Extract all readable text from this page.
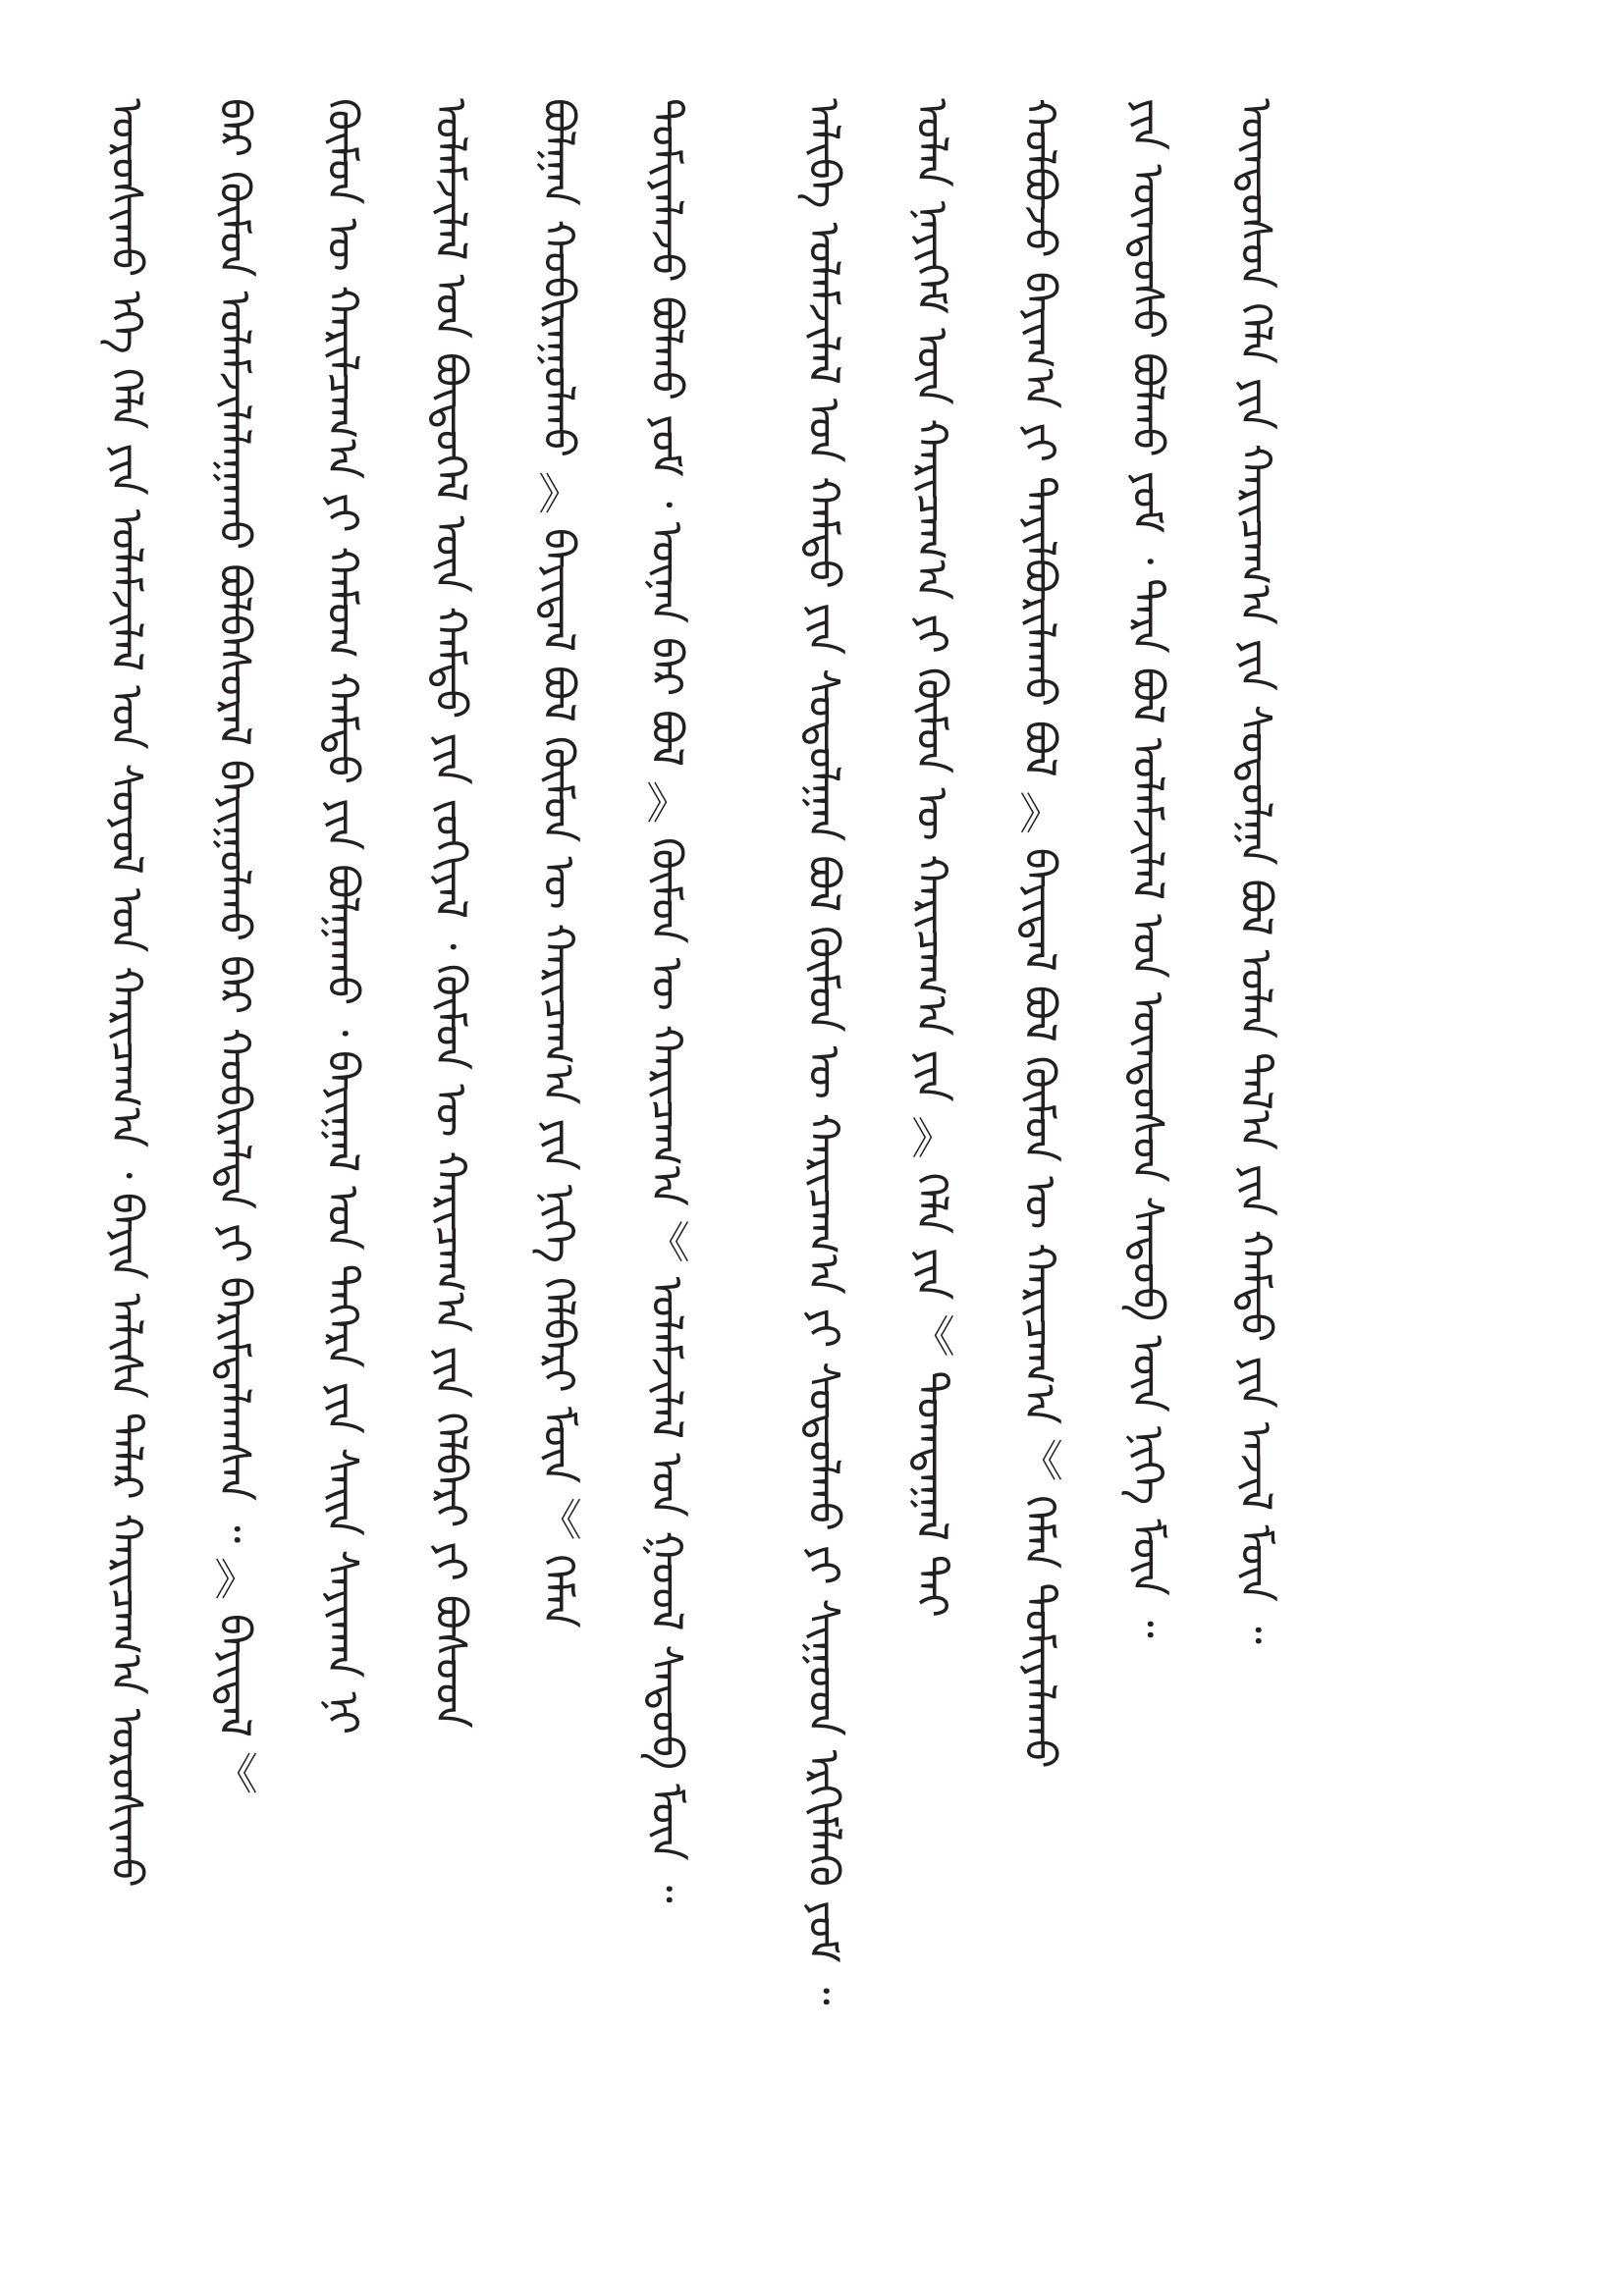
ᠣᠷᠣᠰᠢᠬᠤ ᠡᠬᠡ ᠬᠡᠯᠡ ᠶᠢᠨ ᠤᠯᠠᠮᠵᠢᠯᠠᠯ ᠤᠨ ᠰᠣᠶᠣᠯ ᠤᠨ ᠬᠠᠷᠢᠴᠠᠭ᠎ᠠ ᠂ ᠪᠠᠶᠢᠨ ᠠᠯᠢᠰᠠ ᠲᠠᠯᠠᠷ ᠬᠠᠷᠢᠴᠠᠭ᠎ᠠ ᠣᠷᠣᠰᠢᠬᠤ ᠪᠡᠷ ᠬᠦᠮᠦᠨ ᠤᠯᠠᠮᠵᠢᠯᠠᠯᠠᠭᠠᠬᠤ ᠪᠣᠯᠪᠠᠰᠤᠷᠠᠯ ᠪᠠᠶᠢᠭᠤᠯᠬᠤ ᠪᠡᠷ ᠬᠤᠪᠢᠷᠠᠯᠲᠠ ᠶᠢ ᠪᠠᠷᠢᠮᠲᠠᠯᠠᠭᠰᠠᠨ ᠃ ︽ ᠪᠠᠶᠢᠳᠠᠯ ︾ ᠬᠦᠮᠦᠨ ᠦ ᠬᠠᠷᠢᠯᠴᠠᠭ᠎ᠠ ᠶᠢ ᠬᠠᠮᠤᠭ ᠬᠠᠮᠲᠤ ᠶᠢᠨ ᠪᠣᠯᠭᠠᠬᠤ ᠂ ᠪᠠᠶᠢᠭᠠᠯ ᠤᠨ ᠳᠡᠭᠡᠷᠡ ᠶᠢᠨ ᠰᠠᠢᠨ ᠰᠠᠶᠢᠬᠠᠨ ᠨᠢ ᠤᠯᠠᠮᠵᠢᠯᠠᠯ ᠤᠨ ᠪᠦᠲᠦᠭᠡᠯ ᠦᠨ ᠬᠠᠮᠲᠤ ᠶᠢᠨ ᠵᠣᠬᠢᠶᠠᠯ ᠂ ᠬᠦᠮᠦᠨ ᠦ ᠬᠠᠷᠢᠴᠠᠭ᠎ᠠ ᠶᠢᠨ ᠬᠡᠯᠪᠡᠷᠢ ᠶᠢ ᠪᠤᠰᠤᠳ ᠪᠣᠯᠭᠠᠨ ᠬᠤᠪᠢᠷᠠᠭᠤᠯᠬᠤ ︽ ᠪᠠᠶᠢᠳᠠᠯ ᠪᠣᠯ ᠬᠦᠮᠦᠨ ᠦ ᠬᠠᠷᠢᠴᠠᠭ᠎ᠠ ᠶᠢᠨ ᠨᠢᠭᠡ ᠬᠡᠯᠪᠡᠷᠢ ᠮᠥᠨ ︾ ᠬᠡᠮᠡᠨ ᠲᠣᠮᠢᠶᠠᠯᠠᠵᠤ ᠪᠣᠯᠬᠤ ᠶᠤᠮ ᠂ ᠦᠨᠡᠨ ᠪᠡᠷ ᠪᠣᠯ ︽ ᠬᠦᠮᠦᠨ ᠦ ᠬᠠᠷᠢᠴᠠᠭ᠎ᠠ ︾ ᠤᠯᠠᠮᠵᠢᠯᠠᠯ ᠤᠨ ᠭᠣᠣᠯ ᠰᠡᠳᠦᠪ ᠮᠥᠨ ᠃ ᠠᠯᠢᠪᠠ ᠤᠯᠠᠮᠵᠢᠯᠠᠯ ᠤᠨ ᠬᠠᠮᠲᠤ ᠶᠢᠨ ᠰᠤᠳᠤᠯᠭᠠᠨ ᠪᠣᠯ ᠬᠦᠮᠦᠨ ᠦ ᠬᠠᠷᠢᠴᠠᠭ᠎ᠠ ᠶᠢ ᠰᠤᠳᠤᠯᠬᠤ ᠶᠢ ᠰᠢᠭᠤᠳ ᠡᠷᠬᠢᠮᠯᠡᠬᠦ ᠶᠤᠮ ᠃ ᠣᠯᠠᠨ ᠨᠡᠶᠢᠭᠡᠮ ᠦᠨ ᠬᠠᠷᠢᠴᠠᠭ᠎ᠠ ᠶᠢ ᠬᠦᠮᠦᠨ ᠦ ᠬᠠᠷᠢᠴᠠᠭ᠎ᠠ ᠶᠢᠨ ︽ ᠬᠡᠯᠡ ᠶᠢᠨ ︾ ᠲᠣᠭᠲᠠᠭᠠᠯ ᠲᠠᠢ ᠬᠣᠯᠪᠣᠵᠤ ᠪᠠᠶᠢᠭ᠎ᠠ ᠶᠢ ᠲᠠᠶᠢᠯᠪᠤᠷᠢᠯᠠᠬᠤ ᠪᠣᠯ ︽ ᠪᠠᠶᠢᠳᠠᠯ ᠪᠣᠯ ᠬᠦᠮᠦᠨ ᠦ ᠬᠠᠷᠢᠴᠠᠭ᠎ᠠ ︾ ᠬᠡᠮᠡᠨ ᠲᠣᠮᠢᠶᠠᠯᠠᠬᠤ ᠶᠢᠨ ᠦᠨᠳᠦᠰᠦ ᠪᠣᠯᠬᠤ ᠶᠤᠮ ᠂ ᠲᠡᠷᠡ ᠪᠣᠯ ᠤᠯᠠᠮᠵᠢᠯᠠᠯ ᠤᠨ ᠦᠨᠳᠦᠰᠦᠨ ᠰᠡᠳᠦᠪ ᠦᠨ ᠨᠢᠭᠡ ᠮᠥᠨ ᠃ ᠦᠨᠳᠦᠰᠦᠨ ᠬᠡᠯᠡ ᠶᠢᠨ ᠬᠠᠷᠢᠴᠠᠭ᠎ᠠ ᠶᠢᠨ ᠰᠤᠳᠤᠯᠭᠠ ᠪᠣᠯ ᠣᠯᠠᠨ ᠲᠠᠯ᠎ᠠ ᠶᠢᠨ ᠬᠠᠮᠲᠤ ᠶᠢᠨ ᠠᠵᠢᠯ ᠮᠥᠨ ᠃
